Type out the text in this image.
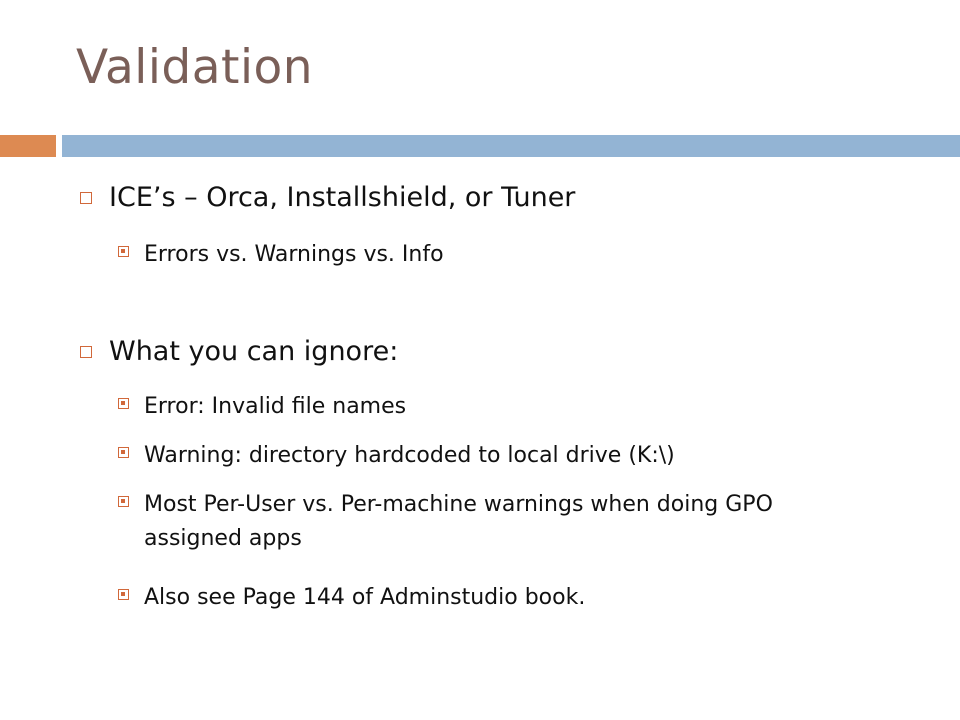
Validation
ICE’s – Orca, Installshield, or Tuner
Errors vs. Warnings vs. Info
What you can ignore:
Error: Invalid file names
Warning: directory hardcoded to local drive (K:\)
Most Per-User vs. Per-machine warnings when doing GPO assigned apps
Also see Page 144 of Adminstudio book.
